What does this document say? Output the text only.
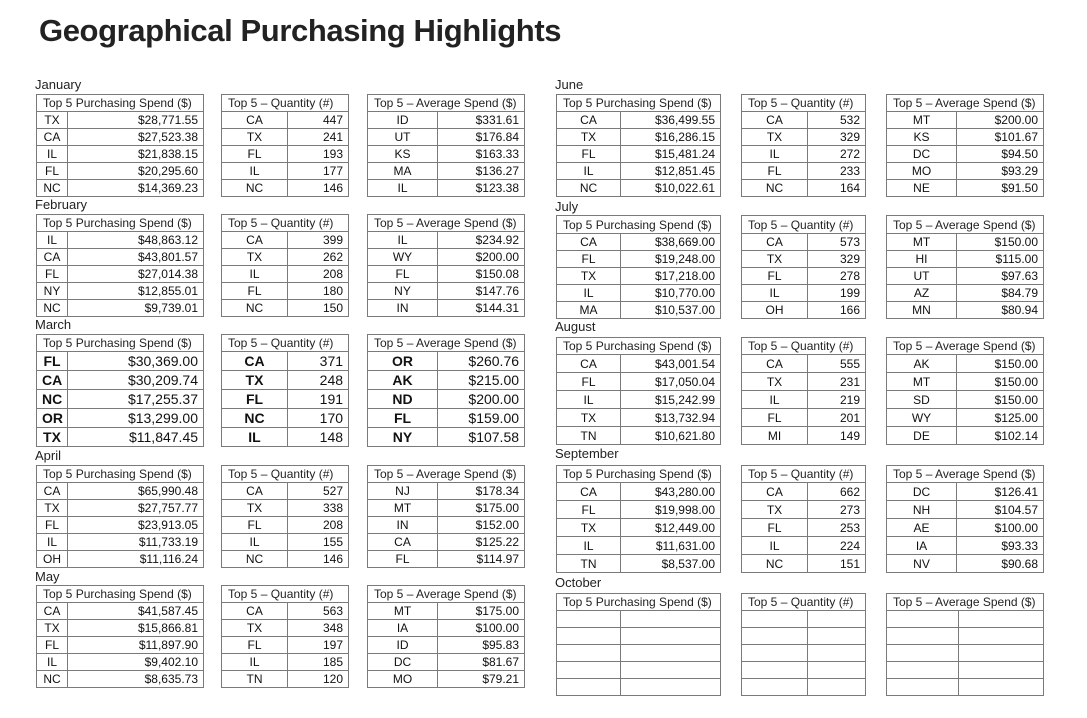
Geographical Purchasing Highlights
January
Top 5 Purchasing Spend ($)	
TX	$28,771.55
CA	$27,523.38
IL	$21,838.15
FL	$20,295.60
NC	$14,369.23
Top 5 – Quantity (#)	
CA	447
TX	241
FL	193
IL	177
NC	146
Top 5 – Average Spend ($)	
ID	$331.61
UT	$176.84
KS	$163.33
MA	$136.27
IL	$123.38
February
Top 5 Purchasing Spend ($)	
IL	$48,863.12
CA	$43,801.57
FL	$27,014.38
NY	$12,855.01
NC	$9,739.01
Top 5 – Quantity (#)	
CA	399
TX	262
IL	208
FL	180
NC	150
Top 5 – Average Spend ($)	
IL	$234.92
WY	$200.00
FL	$150.08
NY	$147.76
IN	$144.31
March
Top 5 Purchasing Spend ($)	
FL	$30,369.00
CA	$30,209.74
NC	$17,255.37
OR	$13,299.00
TX	$11,847.45
Top 5 – Quantity (#)	
CA	371
TX	248
FL	191
NC	170
IL	148
Top 5 – Average Spend ($)	
OR	$260.76
AK	$215.00
ND	$200.00
FL	$159.00
NY	$107.58
April
Top 5 Purchasing Spend ($)	
CA	$65,990.48
TX	$27,757.77
FL	$23,913.05
IL	$11,733.19
OH	$11,116.24
Top 5 – Quantity (#)	
CA	527
TX	338
FL	208
IL	155
NC	146
Top 5 – Average Spend ($)	
NJ	$178.34
MT	$175.00
IN	$152.00
CA	$125.22
FL	$114.97
May
Top 5 Purchasing Spend ($)	
CA	$41,587.45
TX	$15,866.81
FL	$11,897.90
IL	$9,402.10
NC	$8,635.73
Top 5 – Quantity (#)	
CA	563
TX	348
FL	197
IL	185
TN	120
Top 5 – Average Spend ($)	
MT	$175.00
IA	$100.00
ID	$95.83
DC	$81.67
MO	$79.21
June
Top 5 Purchasing Spend ($)	
CA	$36,499.55
TX	$16,286.15
FL	$15,481.24
IL	$12,851.45
NC	$10,022.61
Top 5 – Quantity (#)	
CA	532
TX	329
IL	272
FL	233
NC	164
Top 5 – Average Spend ($)	
MT	$200.00
KS	$101.67
DC	$94.50
MO	$93.29
NE	$91.50
July
Top 5 Purchasing Spend ($)	
CA	$38,669.00
FL	$19,248.00
TX	$17,218.00
IL	$10,770.00
MA	$10,537.00
Top 5 – Quantity (#)	
CA	573
TX	329
FL	278
IL	199
OH	166
Top 5 – Average Spend ($)	
MT	$150.00
HI	$115.00
UT	$97.63
AZ	$84.79
MN	$80.94
August
Top 5 Purchasing Spend ($)	
CA	$43,001.54
FL	$17,050.04
IL	$15,242.99
TX	$13,732.94
TN	$10,621.80
Top 5 – Quantity (#)	
CA	555
TX	231
IL	219
FL	201
MI	149
Top 5 – Average Spend ($)	
AK	$150.00
MT	$150.00
SD	$150.00
WY	$125.00
DE	$102.14
September
Top 5 Purchasing Spend ($)	
CA	$43,280.00
FL	$19,998.00
TX	$12,449.00
IL	$11,631.00
TN	$8,537.00
Top 5 – Quantity (#)	
CA	662
TX	273
FL	253
IL	224
NC	151
Top 5 – Average Spend ($)	
DC	$126.41
NH	$104.57
AE	$100.00
IA	$93.33
NV	$90.68
October
Top 5 Purchasing Spend ($)	

		Top 5 – Quantity (#)	

		Top 5 – Average Spend ($)	
